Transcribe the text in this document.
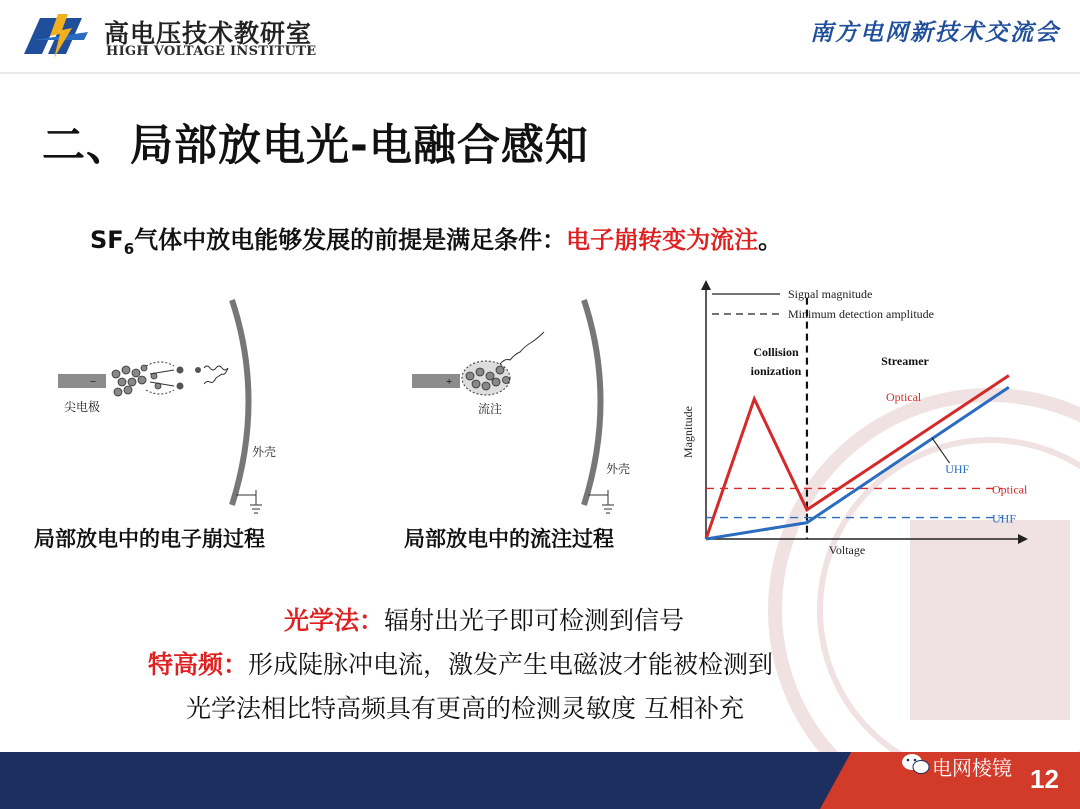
高电压技术教研室
HIGH VOLTAGE INSTITUTE
南方电网新技术交流会
二、局部放电光-电融合感知
$SF_6$气体中放电能够发展的前提是满足条件：电子崩转变为流注。
−
尖电极
外壳
局部放电中的电子崩过程
+
流注
外壳
局部放电中的流注过程
Signal magnitude
Minimum detection amplitude
Collision
ionization
Streamer
Voltage
Magnitude
Optical
UHF
Optical
UHF
光学法：辐射出光子即可检测到信号
特高频：形成陡脉冲电流，激发产生电磁波才能被检测到
光学法相比特高频具有更高的检测灵敏度 互相补充
电网棱镜 12
